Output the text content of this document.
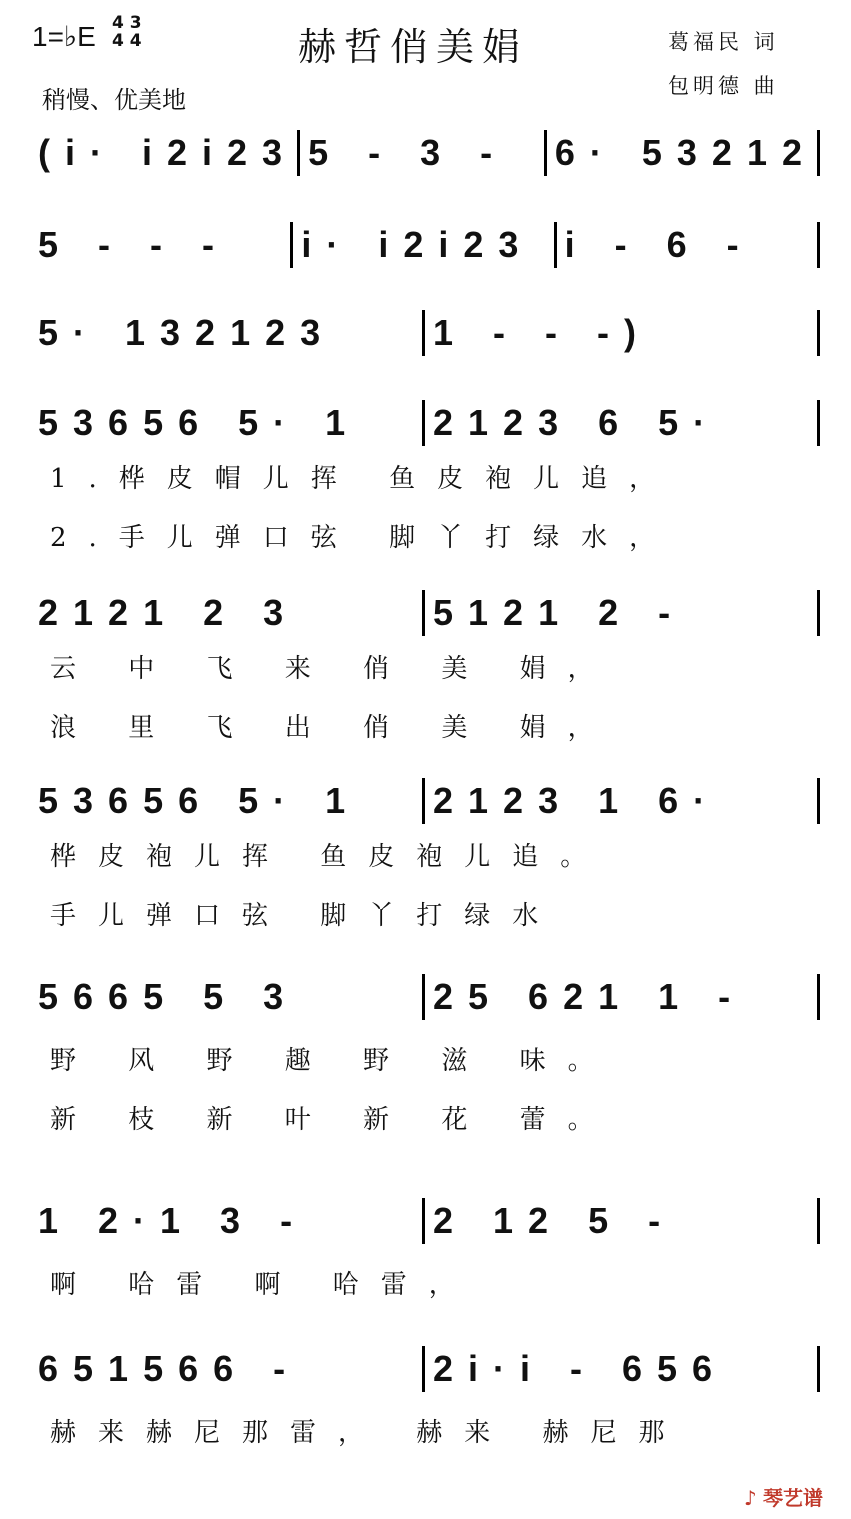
1=♭E 4 3
4 4	赫哲俏美娟	葛福民 词
包明德 曲
稍慢、优美地
(i· i2i23 5 - 3 -	6· 53212
5 - - -	i· i2i23 i - 6 -
5· 132123	1 - - -)
53656 5· 1	2123 6 5·
1.桦皮帽儿挥 鱼皮袍儿追，
2.手儿弹口弦 脚丫打绿水，
2121 2 3	5121 2 -
云 中 飞 来 俏 美 娟，
浪 里 飞 出 俏 美 娟，
53656 5· 1	2123 1 6·
桦皮袍儿挥 鱼皮袍儿追。
手儿弹口弦 脚丫打绿水
5665 5 3	25 621 1 -
野 风 野 趣 野 滋 味。
新 枝 新 叶 新 花 蕾。
1 2·1 3 -	2 12 5 -
啊 哈雷 啊 哈雷，
651566 -	2i·i - 656
赫来赫尼那雷， 赫来 赫尼那
♪ 琴艺谱
